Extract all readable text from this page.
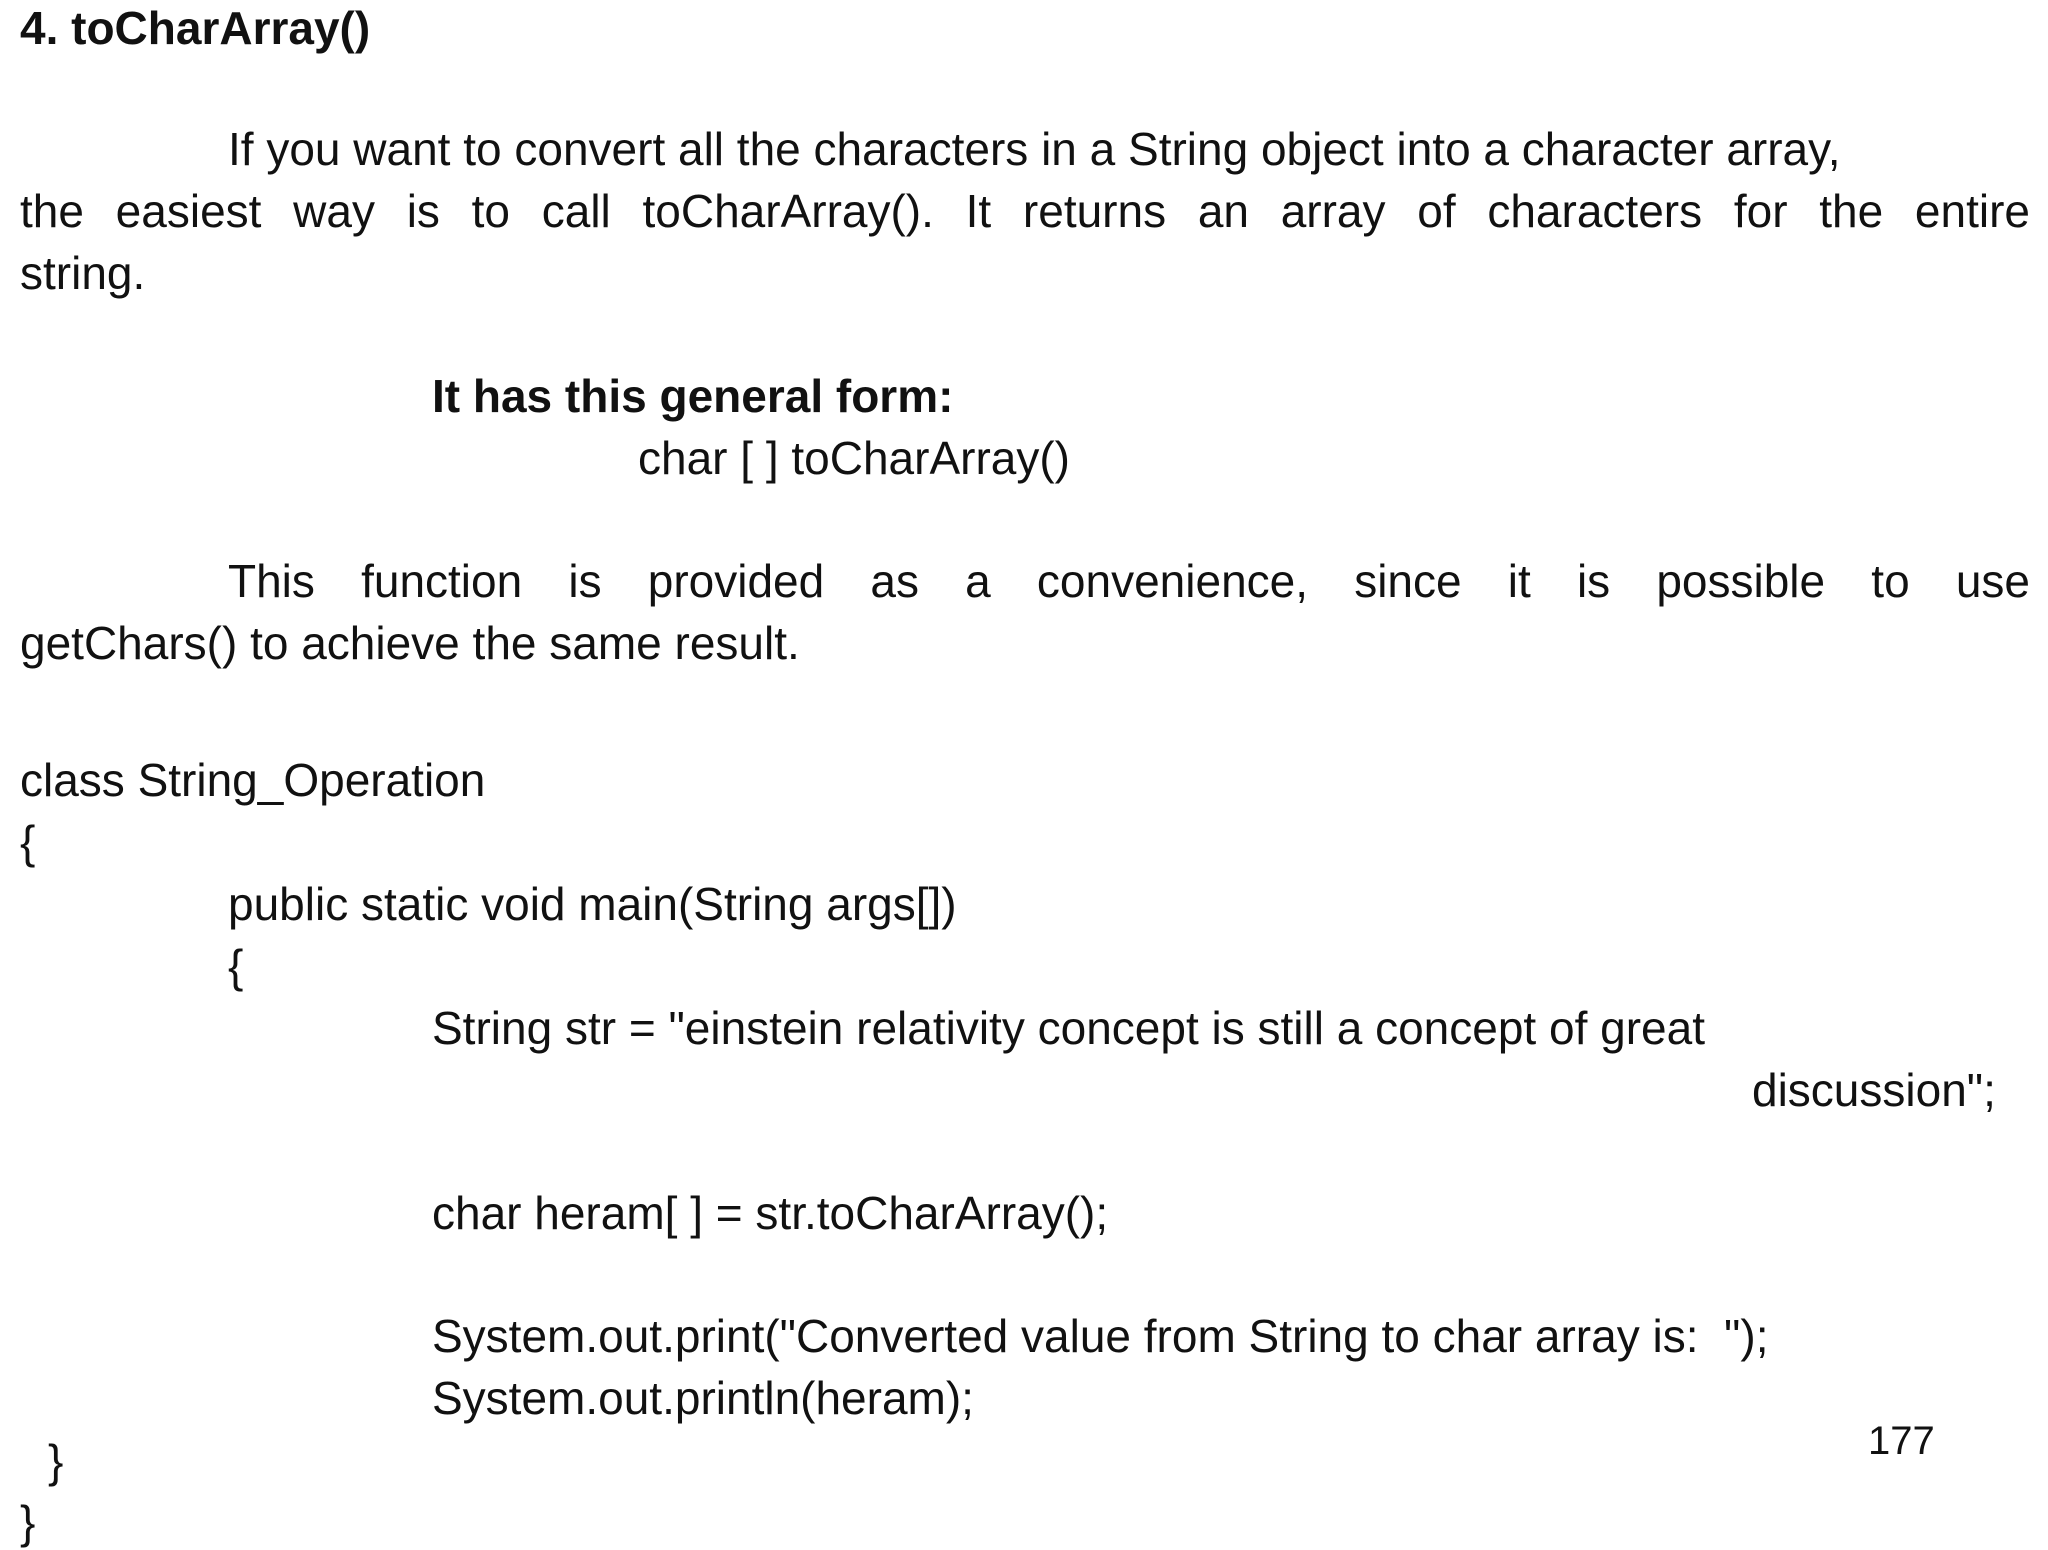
4. toCharArray()

If you want to convert all the characters in a String object into a character array,

the easiest way is to call toCharArray(). It returns an array of characters for the entire

string.

It has this general form:

char [ ] toCharArray()

This function is provided as a convenience, since it is possible to use

getChars() to achieve the same result.

class String_Operation

{

public static void main(String args[])

{

String str = "einstein relativity concept is still a concept of great

discussion";

char heram[ ] = str.toCharArray();

System.out.print("Converted value from String to char array is:  ");

System.out.println(heram);

}

}

177
